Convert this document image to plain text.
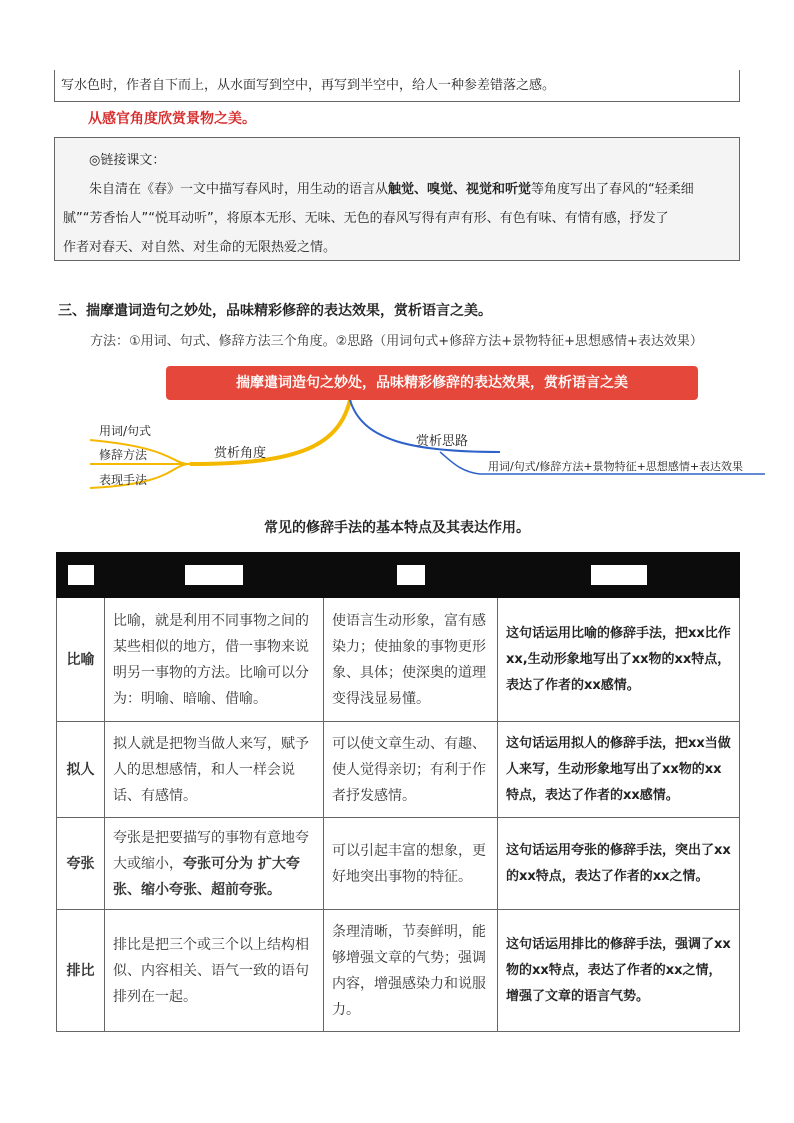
写水色时，作者自下而上，从水面写到空中，再写到半空中，给人一种参差错落之感。
从感官角度欣赏景物之美。

◎链接课文：

朱自清在《春》一文中描写春风时，用生动的语言从触觉、嗅觉、视觉和听觉等角度写出了春风的“轻柔细

腻”“芳香怡人”“悦耳动听”，将原本无形、无味、无色的春风写得有声有形、有色有味、有情有感，抒发了

作者对春天、对自然、对生命的无限热爱之情。

三、揣摩遣词造句之妙处，品味精彩修辞的表达效果，赏析语言之美。
方法：①用词、句式、修辞方法三个角度。②思路（用词句式+修辞方法+景物特征+思想感情+表达效果）
揣摩遣词造句之妙处，品味精彩修辞的表达效果，赏析语言之美
用词/句式
修辞方法
表现手法
赏析角度
赏析思路
用词/句式/修辞方法+景物特征+思想感情+表达效果
常见的修辞手法的基本特点及其表达作用。

比喻	比喻，就是利用不同事物之间的某些相似的地方，借一事物来说明另一事物的方法。比喻可以分为：明喻、暗喻、借喻。	使语言生动形象，富有感染力；使抽象的事物更形象、具体；使深奥的道理变得浅显易懂。	这句话运用比喻的修辞手法，把xx比作xx,生动形象地写出了xx物的xx特点，表达了作者的xx感情。
拟人	拟人就是把物当做人来写，赋予人的思想感情，和人一样会说话、有感情。	可以使文章生动、有趣、使人觉得亲切；有利于作者抒发感情。	这句话运用拟人的修辞手法，把xx当做人来写，生动形象地写出了xx物的xx特点，表达了作者的xx感情。
夸张	夸张是把要描写的事物有意地夸大或缩小，夸张可分为 扩大夸张、缩小夸张、超前夸张。	可以引起丰富的想象，更好地突出事物的特征。	这句话运用夸张的修辞手法，突出了xx的xx特点，表达了作者的xx之情。
排比	排比是把三个或三个以上结构相似、内容相关、语气一致的语句排列在一起。	条理清晰，节奏鲜明，能够增强文章的气势；强调内容，增强感染力和说服力。	这句话运用排比的修辞手法，强调了xx物的xx特点，表达了作者的xx之情，增强了文章的语言气势。
